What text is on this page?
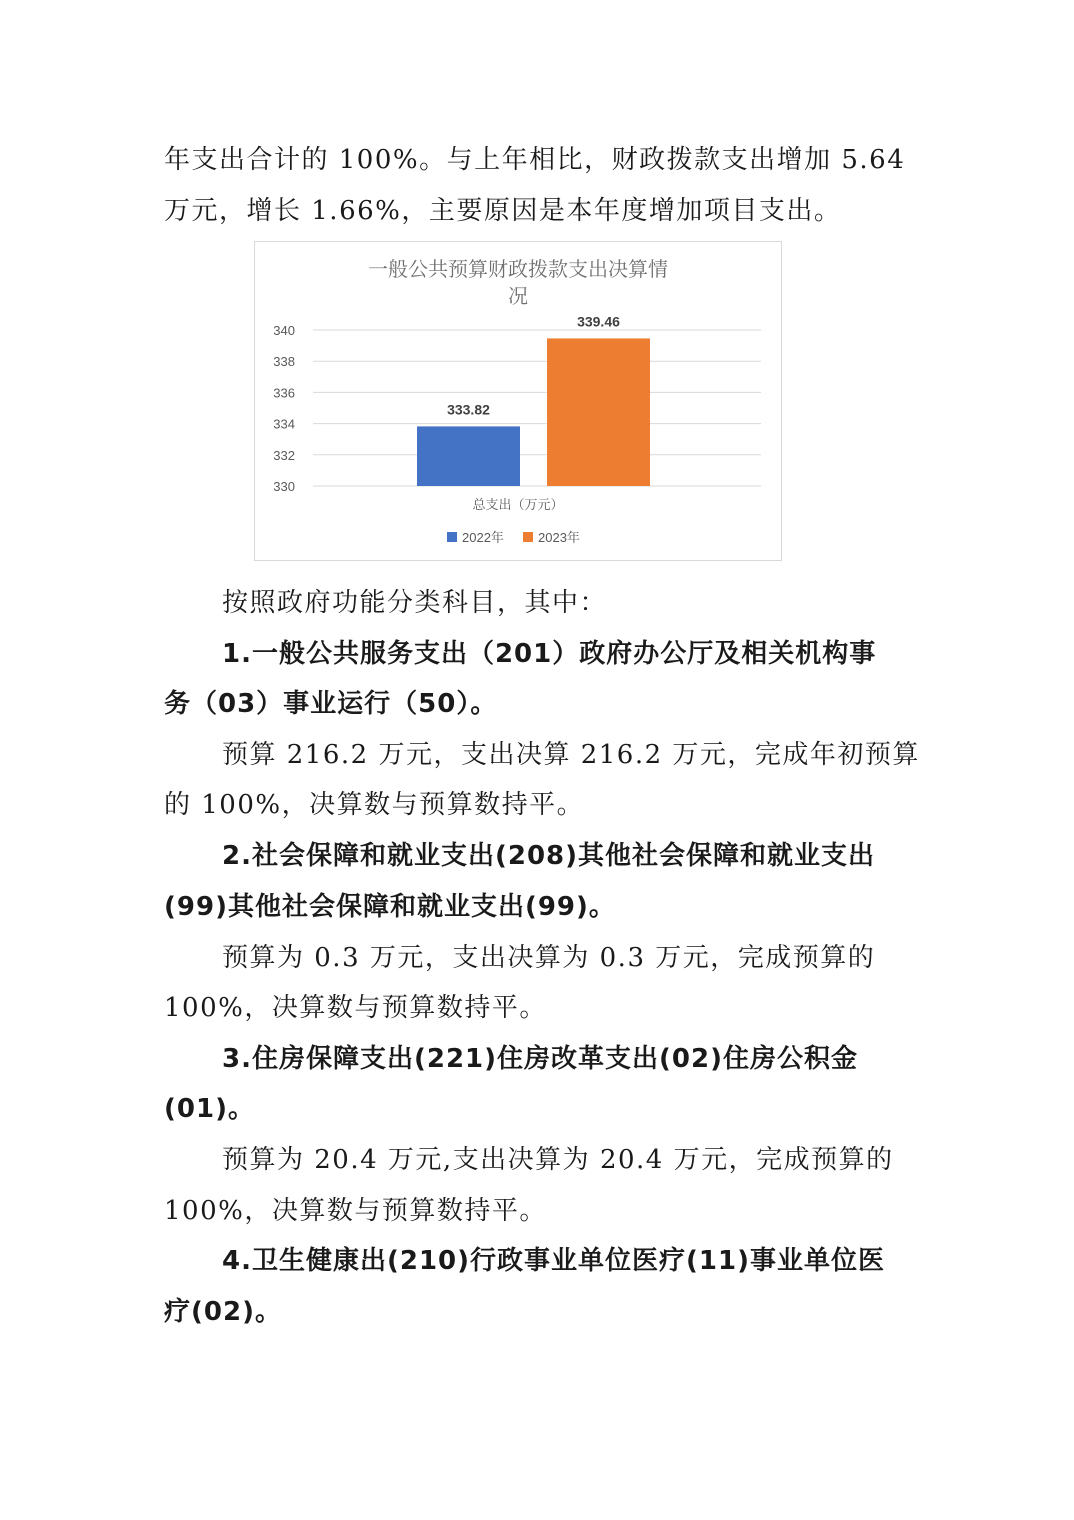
年支出合计的 100%。与上年相比，财政拨款支出增加 5.64
万元，增长 1.66%，主要原因是本年度增加项目支出。
一般公共预算财政拨款支出决算情
况
330
332
334
336
338
340
333.82
339.46
总支出（万元）
2022年	2023年
按照政府功能分类科目，其中：
1.一般公共服务支出（201）政府办公厅及相关机构事
务（03）事业运行（50）。
预算 216.2 万元，支出决算 216.2 万元，完成年初预算
的 100%，决算数与预算数持平。
2.社会保障和就业支出(208)其他社会保障和就业支出
(99)其他社会保障和就业支出(99)。
预算为 0.3 万元，支出决算为 0.3 万元，完成预算的
100%，决算数与预算数持平。
3.住房保障支出(221)住房改革支出(02)住房公积金
(01)。
预算为 20.4 万元,支出决算为 20.4 万元，完成预算的
100%，决算数与预算数持平。
4.卫生健康出(210)行政事业单位医疗(11)事业单位医
疗(02)。
